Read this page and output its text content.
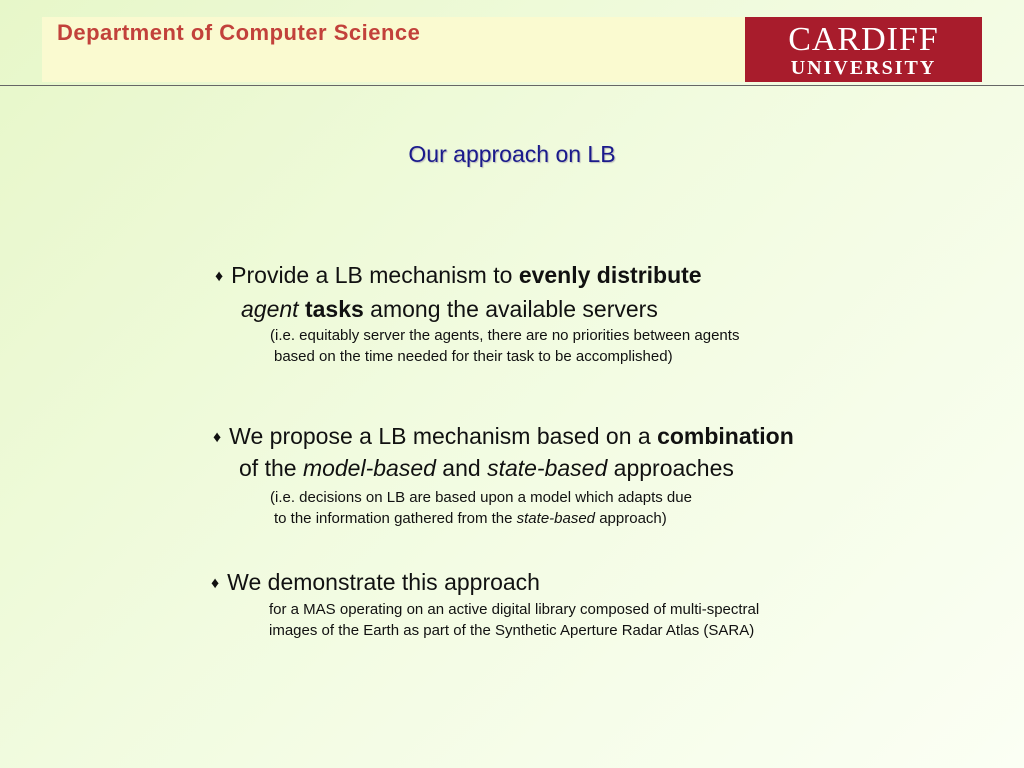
Department of Computer Science	CARDIFF
UNIVERSITY
Our approach on LB
♦ Provide a LB mechanism to evenly distribute
agent tasks among the available servers
(i.e. equitably server the agents, there are no priorities between agents
based on the time needed for their task to be accomplished)
♦ We propose a LB mechanism based on a combination
of the model-based and state-based approaches
(i.e. decisions on LB are based upon a model which adapts due
to the information gathered from the state-based approach)
♦ We demonstrate this approach
for a MAS operating on an active digital library composed of multi-spectral
images of the Earth as part of the Synthetic Aperture Radar Atlas (SARA)
